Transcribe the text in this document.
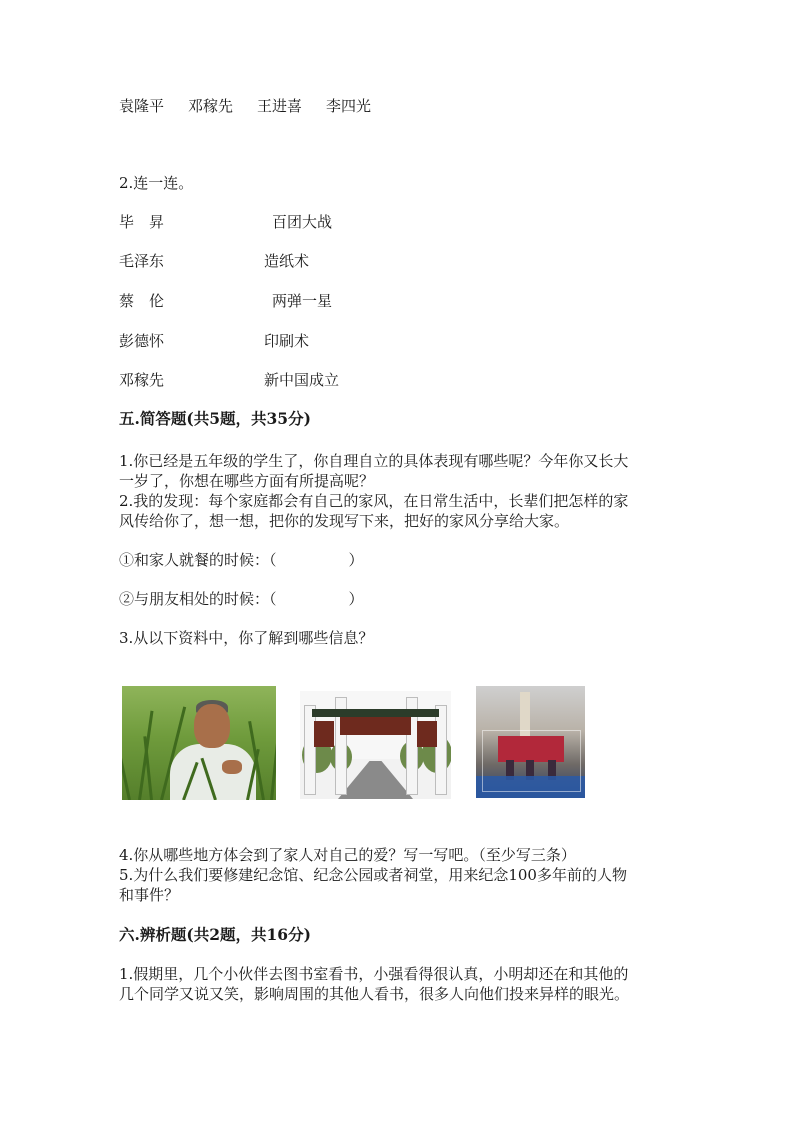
袁隆平 邓稼先 王进喜 李四光
2.连一连。
毕　昇	百团大战
毛泽东	造纸术
蔡　伦	两弹一星
彭德怀	印刷术
邓稼先	新中国成立
五.简答题(共5题，共35分)
1.你已经是五年级的学生了，你自理自立的具体表现有哪些呢？今年你又长大
一岁了，你想在哪些方面有所提高呢？
2.我的发现：每个家庭都会有自己的家风，在日常生活中，长辈们把怎样的家
风传给你了，想一想，把你的发现写下来，把好的家风分享给大家。
①和家人就餐的时候：（	）
②与朋友相处的时候：（	）
3.从以下资料中，你了解到哪些信息？
4.你从哪些地方体会到了家人对自己的爱？写一写吧。（至少写三条）
5.为什么我们要修建纪念馆、纪念公园或者祠堂，用来纪念100多年前的人物
和事件？
六.辨析题(共2题，共16分)
1.假期里，几个小伙伴去图书室看书，小强看得很认真，小明却还在和其他的
几个同学又说又笑，影响周围的其他人看书，很多人向他们投来异样的眼光。
